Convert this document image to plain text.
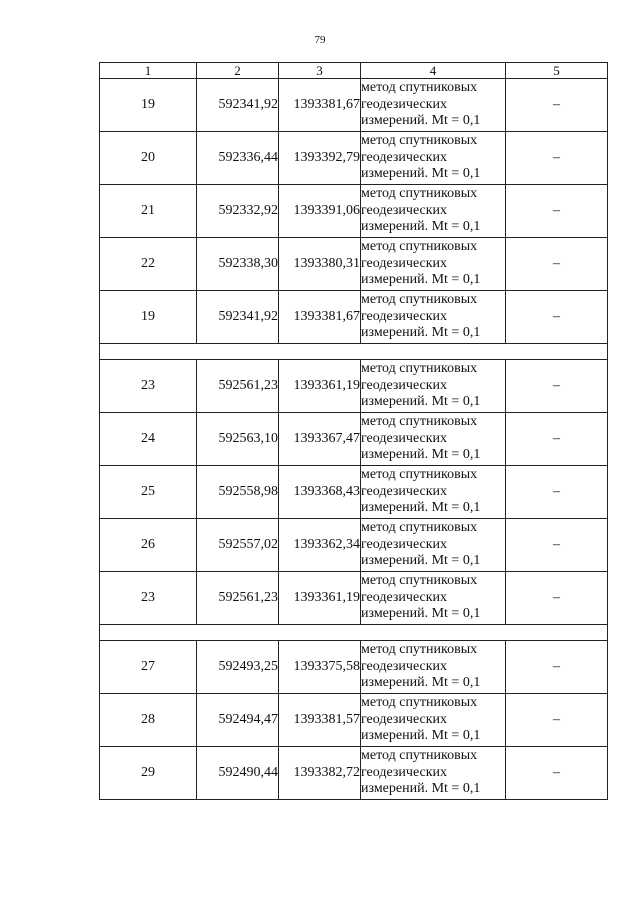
79
1	2	3	4	5
19	592341,92	1393381,67	метод спутниковых
геодезических
измерений. Mt = 0,1	–
20	592336,44	1393392,79	метод спутниковых
геодезических
измерений. Mt = 0,1	–
21	592332,92	1393391,06	метод спутниковых
геодезических
измерений. Mt = 0,1	–
22	592338,30	1393380,31	метод спутниковых
геодезических
измерений. Mt = 0,1	–
19	592341,92	1393381,67	метод спутниковых
геодезических
измерений. Mt = 0,1	–

23	592561,23	1393361,19	метод спутниковых
геодезических
измерений. Mt = 0,1	–
24	592563,10	1393367,47	метод спутниковых
геодезических
измерений. Mt = 0,1	–
25	592558,98	1393368,43	метод спутниковых
геодезических
измерений. Mt = 0,1	–
26	592557,02	1393362,34	метод спутниковых
геодезических
измерений. Mt = 0,1	–
23	592561,23	1393361,19	метод спутниковых
геодезических
измерений. Mt = 0,1	–

27	592493,25	1393375,58	метод спутниковых
геодезических
измерений. Mt = 0,1	–
28	592494,47	1393381,57	метод спутниковых
геодезических
измерений. Mt = 0,1	–
29	592490,44	1393382,72	метод спутниковых
геодезических
измерений. Mt = 0,1	–
